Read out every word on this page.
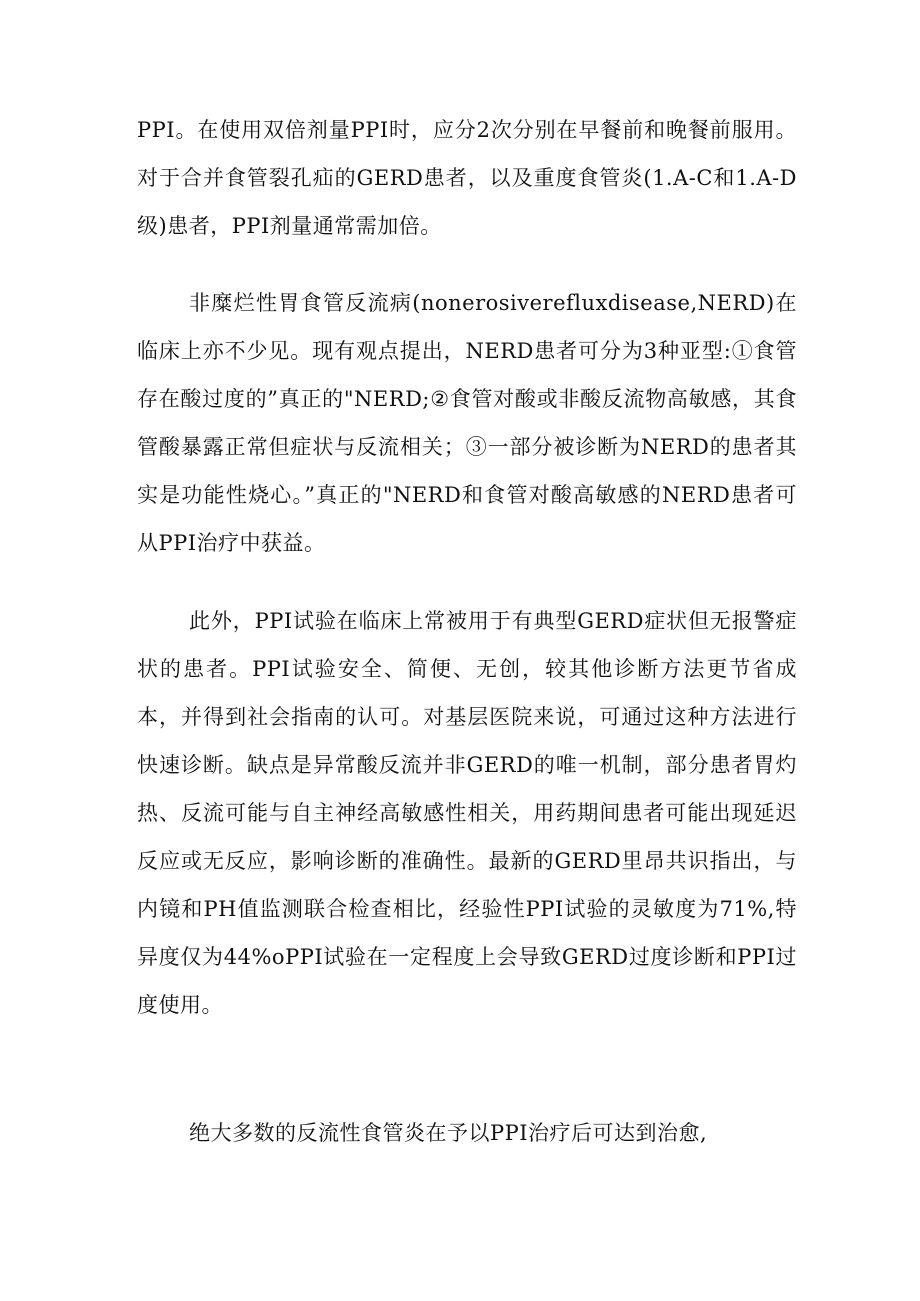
PPI。在使用双倍剂量PPI时，应分2次分别在早餐前和晚餐前服用。对于合并食管裂孔疝的GERD患者，以及重度食管炎(1.A-C和1.A-D级)患者，PPI剂量通常需加倍。

非糜烂性胃食管反流病(nonerosiverefluxdisease,NERD)在临床上亦不少见。现有观点提出，NERD患者可分为3种亚型:①食管存在酸过度的”真正的"NERD;②食管对酸或非酸反流物高敏感，其食管酸暴露正常但症状与反流相关；③一部分被诊断为NERD的患者其实是功能性烧心。”真正的"NERD和食管对酸高敏感的NERD患者可从PPI治疗中获益。

此外，PPI试验在临床上常被用于有典型GERD症状但无报警症状的患者。PPI试验安全、简便、无创，较其他诊断方法更节省成本，并得到社会指南的认可。对基层医院来说，可通过这种方法进行快速诊断。缺点是异常酸反流并非GERD的唯一机制，部分患者胃灼热、反流可能与自主神经高敏感性相关，用药期间患者可能出现延迟反应或无反应，影响诊断的准确性。最新的GERD里昂共识指出，与内镜和PH值监测联合检查相比，经验性PPI试验的灵敏度为71%,特异度仅为44%oPPI试验在一定程度上会导致GERD过度诊断和PPI过度使用。

绝大多数的反流性食管炎在予以PPI治疗后可达到治愈,
